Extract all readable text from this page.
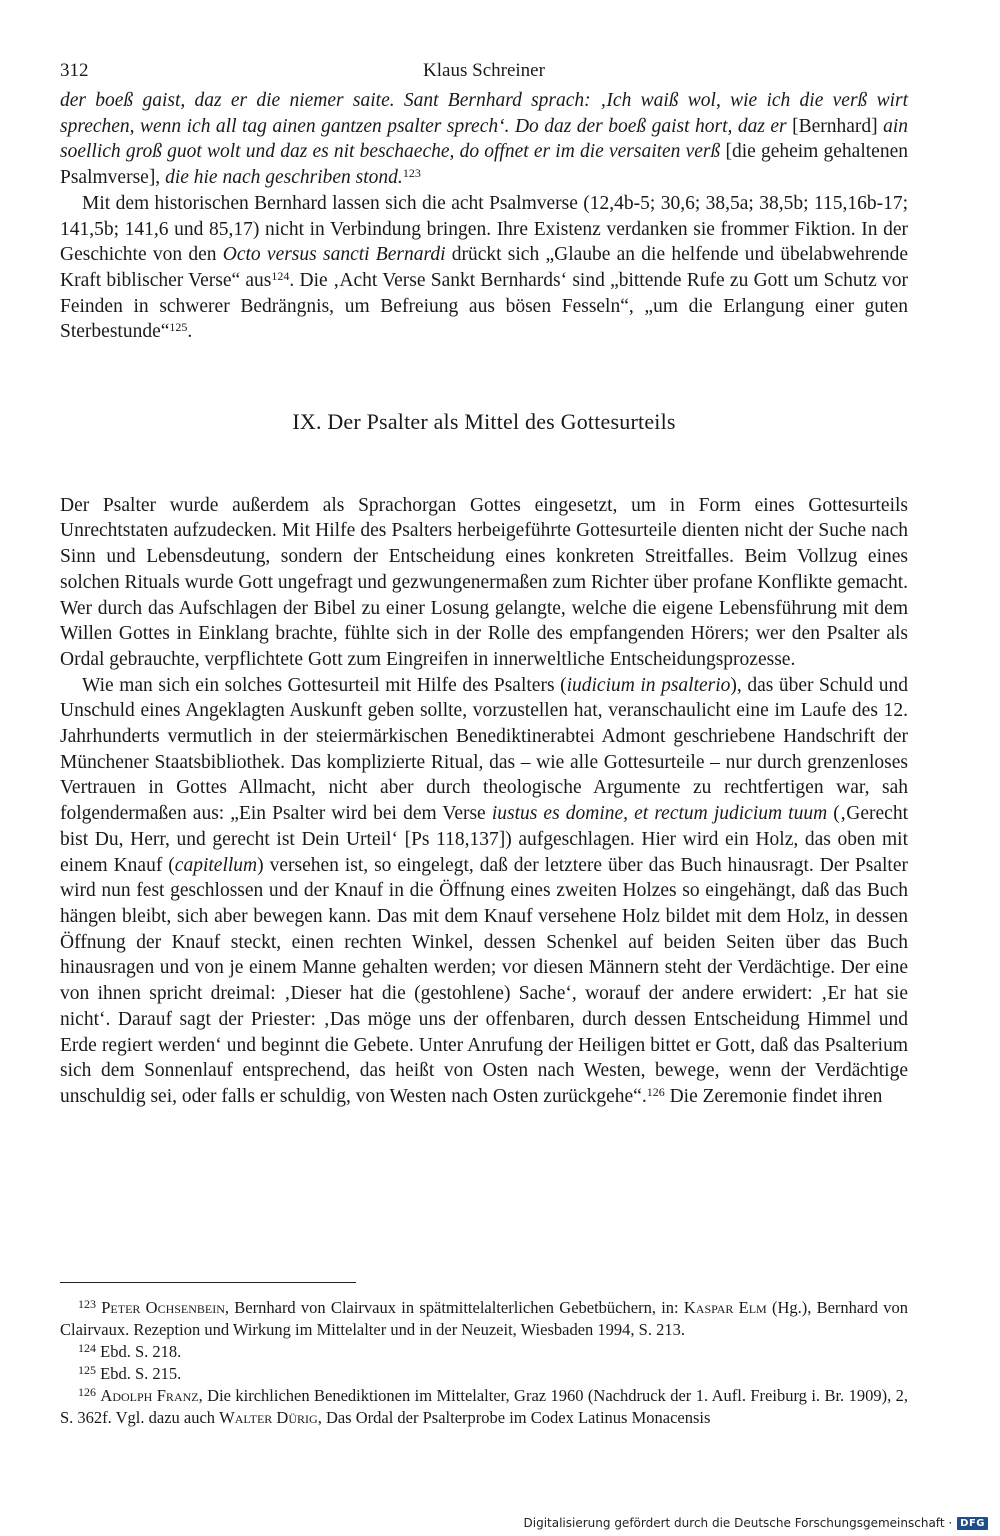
312	Klaus Schreiner

der boeß gaist, daz er die niemer saite. Sant Bernhard sprach: ‚Ich waiß wol, wie ich die verß wirt sprechen, wenn ich all tag ainen gantzen psalter sprech‘. Do daz der boeß gaist hort, daz er [Bernhard] ain soellich groß guot wolt und daz es nit beschaeche, do offnet er im die versaiten verß [die geheim gehaltenen Psalmverse], die hie nach geschriben stond.$^{123}$

Mit dem historischen Bernhard lassen sich die acht Psalmverse (12,4b-5; 30,6; 38,5a; 38,5b; 115,16b-17; 141,5b; 141,6 und 85,17) nicht in Verbindung bringen. Ihre Existenz verdanken sie frommer Fiktion. In der Geschichte von den Octo versus sancti Bernardi drückt sich „Glaube an die helfende und übelabwehrende Kraft biblischer Verse“ aus$^{124}$. Die ‚Acht Verse Sankt Bernhards‘ sind „bittende Rufe zu Gott um Schutz vor Feinden in schwerer Bedrängnis, um Befreiung aus bösen Fesseln“, „um die Erlangung einer guten Sterbestunde“$^{125}$.

IX. Der Psalter als Mittel des Gottesurteils

Der Psalter wurde außerdem als Sprachorgan Gottes eingesetzt, um in Form eines Gottesurteils Unrechtstaten aufzudecken. Mit Hilfe des Psalters herbeigeführte Gottesurteile dienten nicht der Suche nach Sinn und Lebensdeutung, sondern der Entscheidung eines konkreten Streitfalles. Beim Vollzug eines solchen Rituals wurde Gott ungefragt und gezwungenermaßen zum Richter über profane Konflikte gemacht. Wer durch das Aufschlagen der Bibel zu einer Losung gelangte, welche die eigene Lebensführung mit dem Willen Gottes in Einklang brachte, fühlte sich in der Rolle des empfangenden Hörers; wer den Psalter als Ordal gebrauchte, verpflichtete Gott zum Eingreifen in innerweltliche Entscheidungsprozesse.

Wie man sich ein solches Gottesurteil mit Hilfe des Psalters (iudicium in psalterio), das über Schuld und Unschuld eines Angeklagten Auskunft geben sollte, vorzustellen hat, veranschaulicht eine im Laufe des 12. Jahrhunderts vermutlich in der steiermärkischen Benediktinerabtei Admont geschriebene Handschrift der Münchener Staatsbibliothek. Das komplizierte Ritual, das – wie alle Gottesurteile – nur durch grenzenloses Vertrauen in Gottes Allmacht, nicht aber durch theologische Argumente zu rechtfertigen war, sah folgendermaßen aus: „Ein Psalter wird bei dem Verse iustus es domine, et rectum judicium tuum (‚Gerecht bist Du, Herr, und gerecht ist Dein Urteil‘ [Ps 118,137]) aufgeschlagen. Hier wird ein Holz, das oben mit einem Knauf (capitellum) versehen ist, so eingelegt, daß der letztere über das Buch hinausragt. Der Psalter wird nun fest geschlossen und der Knauf in die Öffnung eines zweiten Holzes so eingehängt, daß das Buch hängen bleibt, sich aber bewegen kann. Das mit dem Knauf versehene Holz bildet mit dem Holz, in dessen Öffnung der Knauf steckt, einen rechten Winkel, dessen Schenkel auf beiden Seiten über das Buch hinausragen und von je einem Manne gehalten werden; vor diesen Männern steht der Verdächtige. Der eine von ihnen spricht dreimal: ‚Dieser hat die (gestohlene) Sache‘, worauf der andere erwidert: ‚Er hat sie nicht‘. Darauf sagt der Priester: ‚Das möge uns der offenbaren, durch dessen Entscheidung Himmel und Erde regiert werden‘ und beginnt die Gebete. Unter Anrufung der Heiligen bittet er Gott, daß das Psalterium sich dem Sonnenlauf entsprechend, das heißt von Osten nach Westen, bewege, wenn der Verdächtige unschuldig sei, oder falls er schuldig, von Westen nach Osten zurückgehe“.$^{126}$ Die Zeremonie findet ihren

$^{123}$ Peter Ochsenbein, Bernhard von Clairvaux in spätmittelalterlichen Gebetbüchern, in: Kaspar Elm (Hg.), Bernhard von Clairvaux. Rezeption und Wirkung im Mittelalter und in der Neuzeit, Wiesbaden 1994, S. 213.

$^{124}$ Ebd. S. 218.

$^{125}$ Ebd. S. 215.

$^{126}$ Adolph Franz, Die kirchlichen Benediktionen im Mittelalter, Graz 1960 (Nachdruck der 1. Aufl. Freiburg i. Br. 1909), 2, S. 362f. Vgl. dazu auch Walter Dürig, Das Ordal der Psalterprobe im Codex Latinus Monacensis

Digitalisierung gefördert durch die Deutsche Forschungsgemeinschaft · DFG
